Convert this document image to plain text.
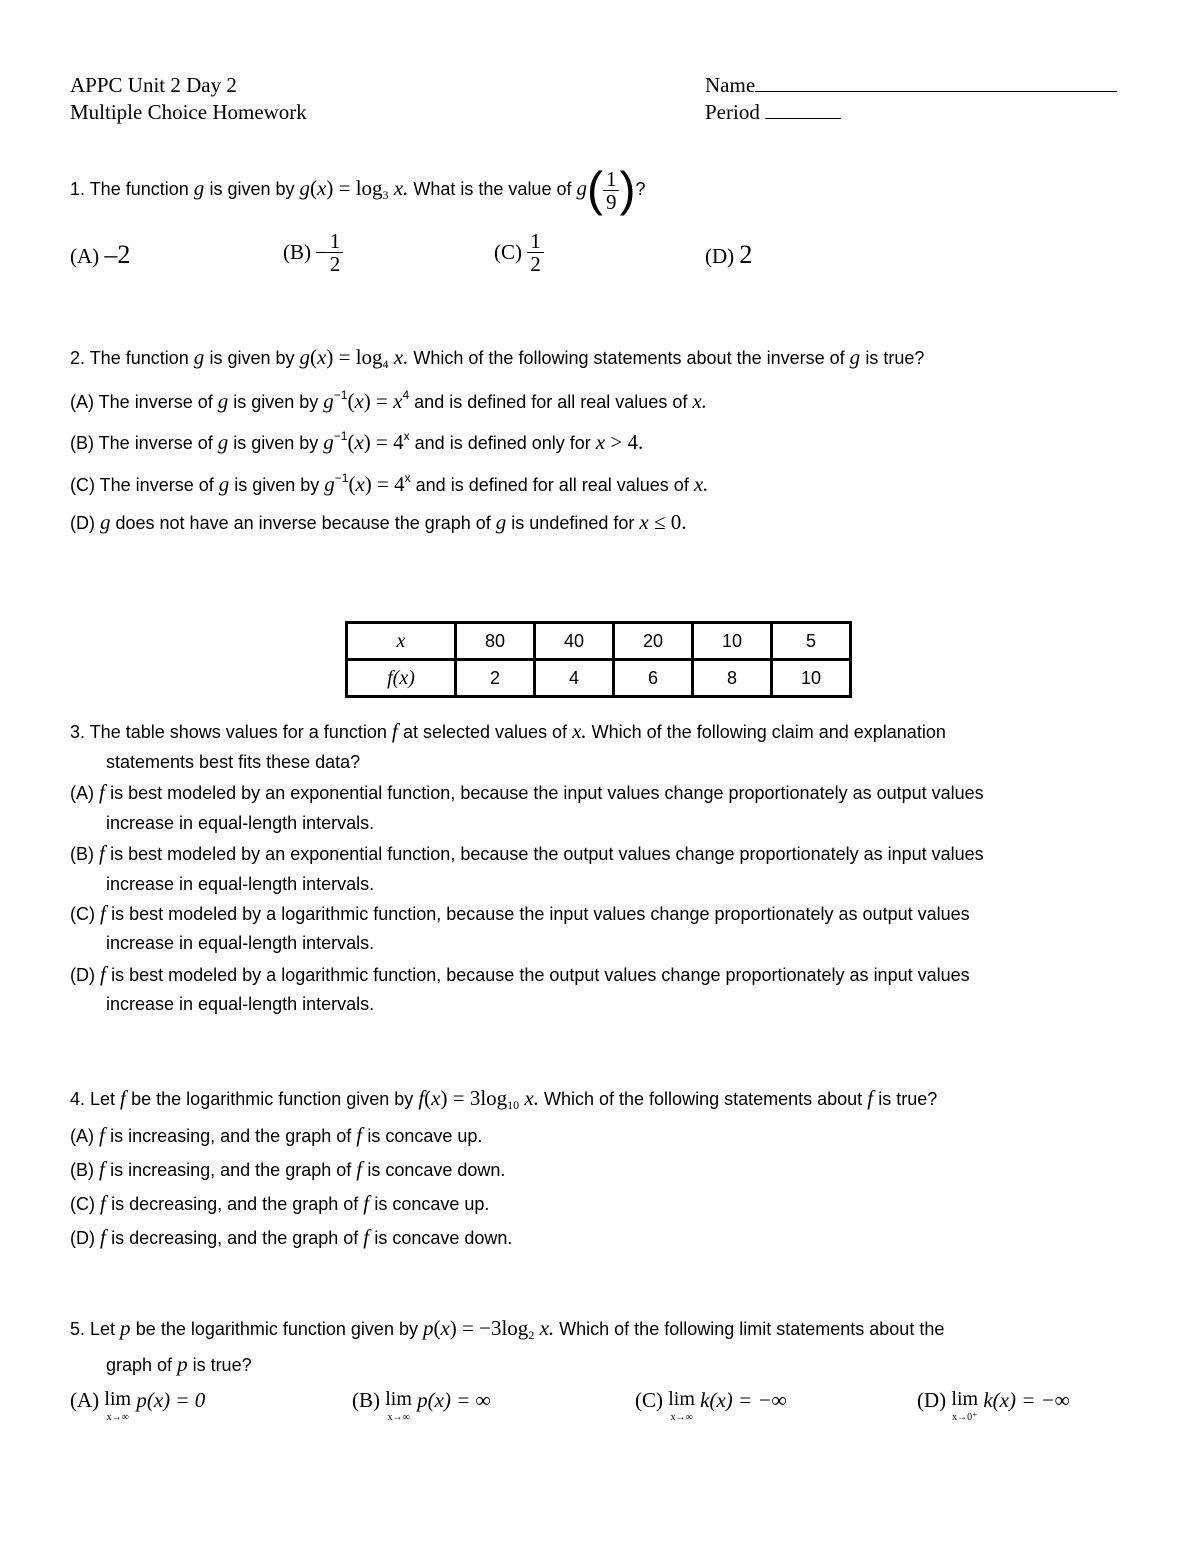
APPC Unit 2 Day 2
Multiple Choice Homework
Name
Period
1. The function g is given by $g(x) = \log_3 x$. What is the value of $g( \frac{1}{9}$ )?
(A) –2	$(B) - \frac{1}{2}$	$(C) \frac{1}{2}$	(D) 2
2. The function g is given by $g(x) = \log_4 x$. Which of the following statements about the inverse of g is true?
(A) The inverse of g is given by $g^{-1}(x) = x^4$ and is defined for all real values of x.
(B) The inverse of g is given by $g^{-1}(x) = 4^x$ and is defined only for x > 4.
(C) The inverse of g is given by $g^{-1}(x) = 4^x$ and is defined for all real values of x.
(D) g does not have an inverse because the graph of g is undefined for x ≤ 0.
x	80	40	20	10	5
f(x)	2	4	6	8	10
3. The table shows values for a function f at selected values of x. Which of the following claim and explanation
statements best fits these data?
(A) f is best modeled by an exponential function, because the input values change proportionately as output values
increase in equal-length intervals.
(B) f is best modeled by an exponential function, because the output values change proportionately as input values
increase in equal-length intervals.
(C) f is best modeled by a logarithmic function, because the input values change proportionately as output values
increase in equal-length intervals.
(D) f is best modeled by a logarithmic function, because the output values change proportionately as input values
increase in equal-length intervals.
4. Let f be the logarithmic function given by $f(x) = 3\log_{10}$ x. Which of the following statements about f is true?
(A) f is increasing, and the graph of f is concave up.
(B) f is increasing, and the graph of f is concave down.
(C) f is decreasing, and the graph of f is concave up.
(D) f is decreasing, and the graph of f is concave down.
5. Let p be the logarithmic function given by $p(x) = -3\log_2$ x. Which of the following limit statements about the
graph of p is true?
(A) lim
x→∞
p(x) = 0	(B) lim
x→∞
p(x) = ∞	(C) lim
x→∞
k(x) = −∞	(D) lim
x→0⁺
k(x) = −∞
